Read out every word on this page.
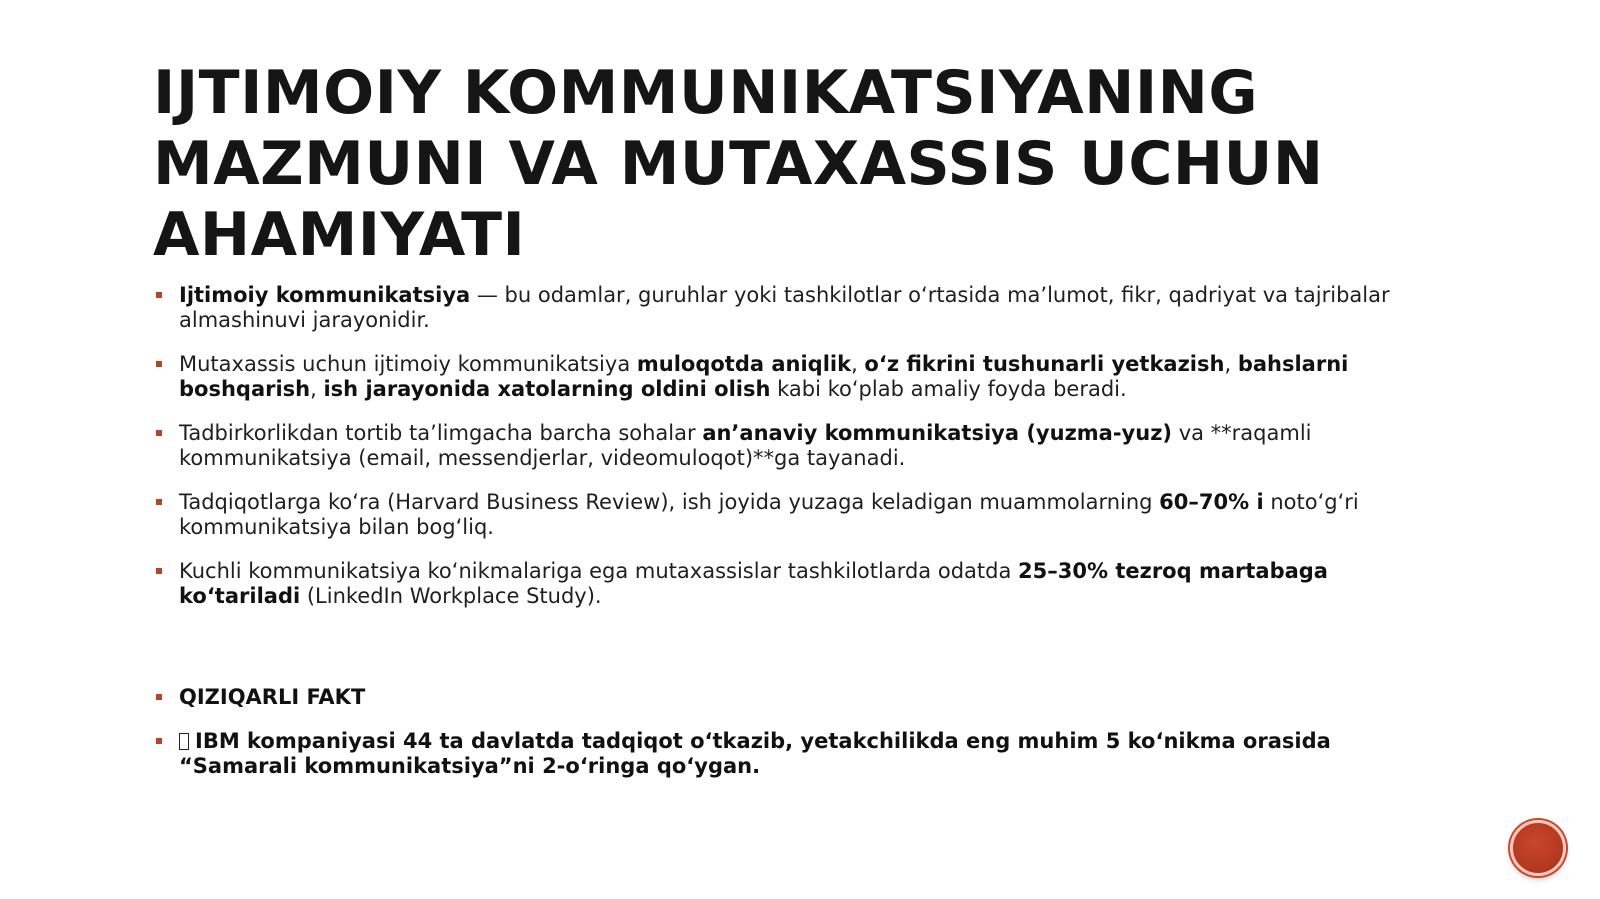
IJTIMOIY KOMMUNIKATSIYANING MAZMUNI VA MUTAXASSIS UCHUN AHAMIYATI
Ijtimoiy kommunikatsiya — bu odamlar, guruhlar yoki tashkilotlar oʻrtasida maʼlumot, fikr, qadriyat va tajribalar almashinuvi jarayonidir.
Mutaxassis uchun ijtimoiy kommunikatsiya muloqotda aniqlik, oʻz fikrini tushunarli yetkazish, bahslarni boshqarish, ish jarayonida xatolarning oldini olish kabi koʻplab amaliy foyda beradi.
Tadbirkorlikdan tortib taʼlimgacha barcha sohalar anʼanaviy kommunikatsiya (yuzma-yuz) va **raqamli kommunikatsiya (email, messendjerlar, videomuloqot)**ga tayanadi.
Tadqiqotlarga koʻra (Harvard Business Review), ish joyida yuzaga keladigan muammolarning 60–70% i notoʻgʻri kommunikatsiya bilan bogʻliq.
Kuchli kommunikatsiya koʻnikmalariga ega mutaxassislar tashkilotlarda odatda 25–30% tezroq martabaga koʻtariladi (LinkedIn Workplace Study).
QIZIQARLI FAKT
IBM kompaniyasi 44 ta davlatda tadqiqot oʻtkazib, yetakchilikda eng muhim 5 koʻnikma orasida “Samarali kommunikatsiya”ni 2-oʻringa qoʻygan.
